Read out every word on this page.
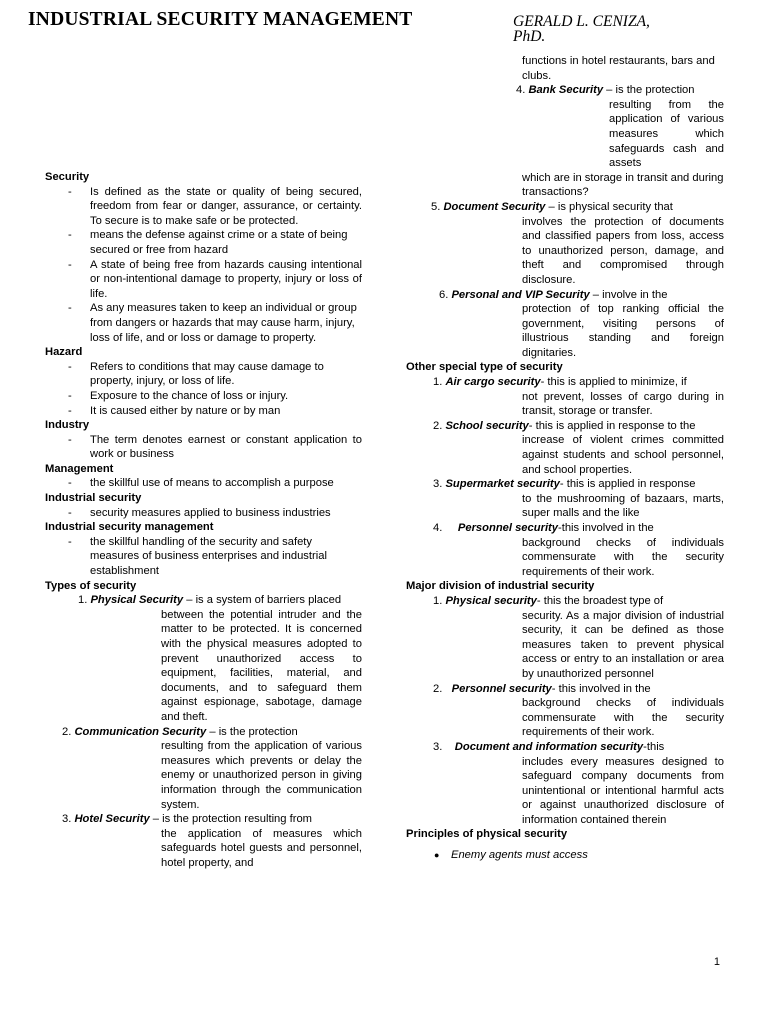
INDUSTRIAL SECURITY MANAGEMENT	GERALD L. CENIZA,
PhD.
Security
- Is defined as the state or quality of being secured, freedom from fear or danger, assurance, or certainty. To secure is to make safe or be protected.
- means the defense against crime or a state of being secured or free from hazard
- A state of being free from hazards causing intentional or non-intentional damage to property, injury or loss of life.
- As any measures taken to keep an individual or group from dangers or hazards that may cause harm, injury, loss of life, and or loss or damage to property.
Hazard
- Refers to conditions that may cause damage to property, injury, or loss of life.
- Exposure to the chance of loss or injury.
- It is caused either by nature or by man
Industry
- The term denotes earnest or constant application to work or business
Management
- the skillful use of means to accomplish a purpose
Industrial security
- security measures applied to business industries
Industrial security management
- the skillful handling of the security and safety measures of business enterprises and industrial establishment
Types of security
1. Physical Security – is a system of barriers placed
between the potential intruder and the matter to be protected. It is concerned with the physical measures adopted to prevent unauthorized access to equipment, facilities, material, and documents, and to safeguard them against espionage, sabotage, damage and theft.
2. Communication Security – is the protection
resulting from the application of various measures which prevents or delay the enemy or unauthorized person in giving information through the communication system.
3. Hotel Security – is the protection resulting from
the application of measures which safeguards hotel guests and personnel, hotel property, and
functions in hotel restaurants, bars and clubs.
4. Bank Security – is the protection
resulting from the application of various measures which safeguards cash and assets
which are in storage in transit and during transactions?
5. Document Security – is physical security that
involves the protection of documents and classified papers from loss, access to unauthorized person, damage, and theft and compromised through disclosure.
6. Personal and VIP Security – involve in the
protection of top ranking official the government, visiting persons of illustrious standing and foreign dignitaries.
Other special type of security
1. Air cargo security- this is applied to minimize, if
not prevent, losses of cargo during in transit, storage or transfer.
2. School security- this is applied in response to the
increase of violent crimes committed against students and school personnel, and school properties.
3. Supermarket security- this is applied in response
to the mushrooming of bazaars, marts, super malls and the like
4. Personnel security-this involved in the
background checks of individuals commensurate with the security requirements of their work.
Major division of industrial security
1. Physical security- this the broadest type of
security. As a major division of industrial security, it can be defined as those measures taken to prevent physical access or entry to an installation or area by unauthorized personnel
2. Personnel security- this involved in the
background checks of individuals commensurate with the security requirements of their work.
3. Document and information security-this
includes every measures designed to safeguard company documents from unintentional or intentional harmful acts or against unauthorized disclosure of information contained therein
Principles of physical security
● Enemy agents must access
1
